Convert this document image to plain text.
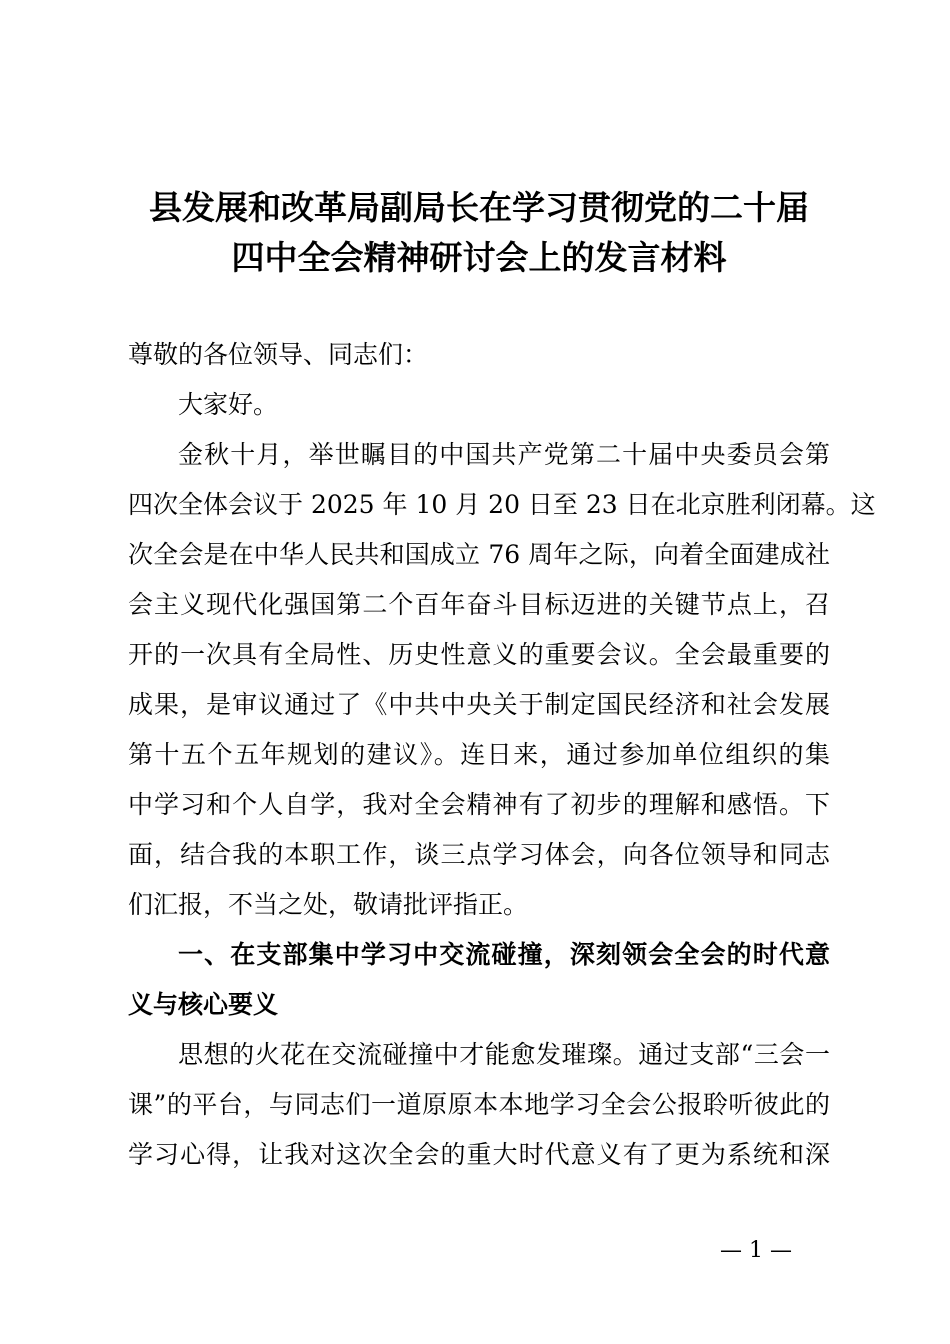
县发展和改革局副局长在学习贯彻党的二十届
四中全会精神研讨会上的发言材料
尊敬的各位领导、同志们：
大家好。
金秋十月，举世瞩目的中国共产党第二十届中央委员会第
四次全体会议于 2025 年 10 月 20 日至 23 日在北京胜利闭幕。这
次全会是在中华人民共和国成立 76 周年之际，向着全面建成社
会主义现代化强国第二个百年奋斗目标迈进的关键节点上，召
开的一次具有全局性、历史性意义的重要会议。全会最重要的
成果，是审议通过了《中共中央关于制定国民经济和社会发展
第十五个五年规划的建议》。连日来，通过参加单位组织的集
中学习和个人自学，我对全会精神有了初步的理解和感悟。下
面，结合我的本职工作，谈三点学习体会，向各位领导和同志
们汇报，不当之处，敬请批评指正。
一、在支部集中学习中交流碰撞，深刻领会全会的时代意
义与核心要义
思想的火花在交流碰撞中才能愈发璀璨。通过支部“三会一
课”的平台，与同志们一道原原本本地学习全会公报聆听彼此的
学习心得，让我对这次全会的重大时代意义有了更为系统和深
— 1 —
